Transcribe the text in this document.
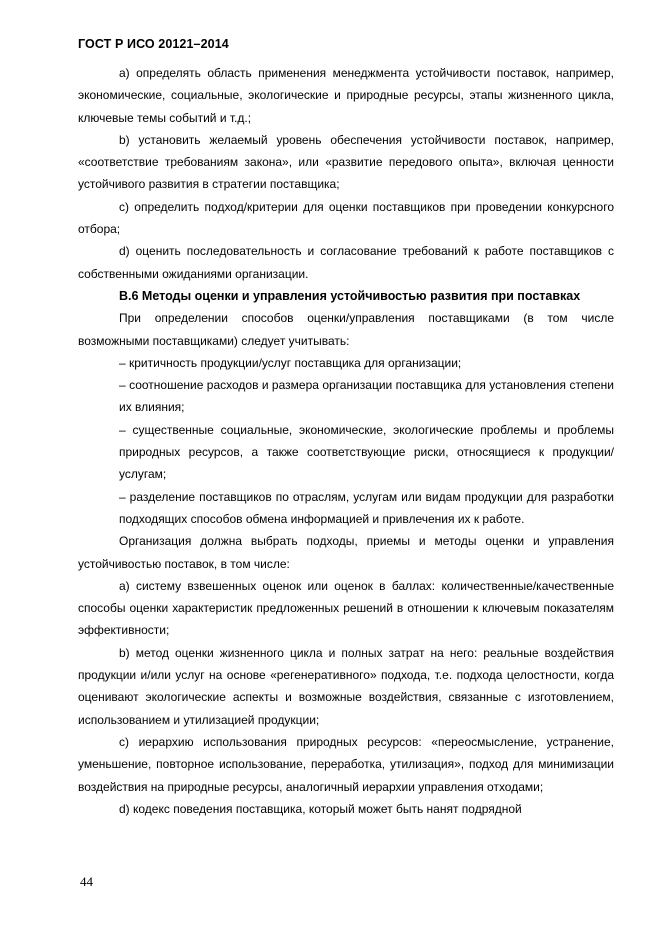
ГОСТ Р ИСО 20121–2014

a) определять область применения менеджмента устойчивости поставок, например, экономические, социальные, экологические и природные ресурсы, этапы жизненного цикла, ключевые темы событий и т.д.;

b) установить желаемый уровень обеспечения устойчивости поставок, например, «соответствие требованиям закона», или «развитие передового опыта», включая ценности устойчивого развития в стратегии поставщика;

c) определить подход/критерии для оценки поставщиков при проведении конкурсного отбора;

d) оценить последовательность и согласование требований к работе поставщиков с собственными ожиданиями организации.

B.6 Методы оценки и управления устойчивостью развития при поставках

При определении способов оценки/управления поставщиками (в том числе возможными поставщиками) следует учитывать:

– критичность продукции/услуг поставщика для организации;

– соотношение расходов и размера организации поставщика для установления степени их влияния;

– существенные социальные, экономические, экологические проблемы и проблемы природных ресурсов, а также соответствующие риски, относящиеся к продукции/услугам;

– разделение поставщиков по отраслям, услугам или видам продукции для разработки подходящих способов обмена информацией и привлечения их к работе.

Организация должна выбрать подходы, приемы и методы оценки и управления устойчивостью поставок, в том числе:

a) систему взвешенных оценок или оценок в баллах: количественные/качественные способы оценки характеристик предложенных решений в отношении к ключевым показателям эффективности;

b) метод оценки жизненного цикла и полных затрат на него: реальные воздействия продукции и/или услуг на основе «регенеративного» подхода, т.е. подхода целостности, когда оценивают экологические аспекты и возможные воздействия, связанные с изготовлением, использованием и утилизацией продукции;

c) иерархию использования природных ресурсов: «переосмысление, устранение, уменьшение, повторное использование, переработка, утилизация», подход для минимизации воздействия на природные ресурсы, аналогичный иерархии управления отходами;

d) кодекс поведения поставщика, который может быть нанят подрядной

44
